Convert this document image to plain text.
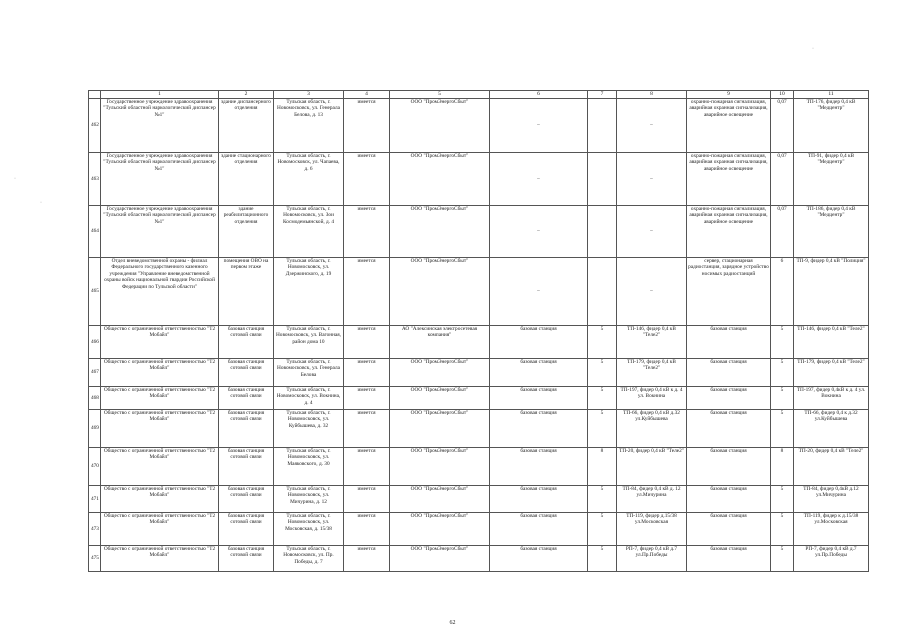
·
·
·
	1	2	3	4	5	6	7	8	9	10	11
462	Государственное учреждение здравоохранения "Тульский областной наркологический диспансер №1"	здание диспансерного отделения	Тульская область, г. Новомосковск, ул. Генерала Белова, д. 13	имеется	ООО "ПромЭнергоСбыт"	–		–	охранно-пожарная сигнализация, аварийная охранная сигнализация, аварийное освещение	0,07	ТП-176, фидер 0,4 кВ "Медцентр"
463	Государственное учреждение здравоохранения "Тульский областной наркологический диспансер №1"	здание стационарного отделения	Тульская область, г. Новомосковск, ул. Чапаева, д. 6	имеется	ООО "ПромЭнергоСбыт"	–		–	охранно-пожарная сигнализация, аварийная охранная сигнализация, аварийное освещение	0,07	ТП-91, фидер 0,4 кВ "Медцентр"
464	Государственное учреждение здравоохранения "Тульский областной наркологический диспансер №1"	здание реабилитационного отделения	Тульская область, г. Новомосковск, ул. Зои Космодемьянской, д. 4	имеется	ООО "ПромЭнергоСбыт"	–		–	охранно-пожарная сигнализация, аварийная охранная сигнализация, аварийное освещение	0,07	ТП-186, фидер 0,4 кВ "Медцентр"
465	Отдел вневедомственной охраны - филиал Федерального государственного казенного учреждения "Управление вневедомственной охраны войск национальной гвардии Российской Федерации по Тульской области"	помещения ОВО на первом этаже	Тульская область, г. Новомосковск, ул. Дзержинского, д. 19	имеется	ООО "ПромЭнергоСбыт"	–		–	сервер, стационарная радиостанция, зарядное устройство носимых радиостанций	6	ТП-9, фидер 0,4 кВ "Полиция"
466	Общество с ограниченной ответственностью "Т2 Мобайл"	базовая станция сотовой связи	Тульская область, г. Новомосковск, ул. Вагонная, район дома 10	имеется	АО "Алексинская электросетевая компания"	базовая станция	5	ТП-146, фидер 0,4 кВ "Теле2"	базовая станция	5	ТП-146, фидер 0,4 кВ "Теле2"
467	Общество с ограниченной ответственностью "Т2 Мобайл"	базовая станция сотовой связи	Тульская область, г. Новомосковск, ул. Генерала Белова	имеется	ООО "ПромЭнергоСбыт"	базовая станция	5	ТП-179, фидер 0,4 кВ "Теле2"	базовая станция	5	ТП-179, фидер 0,4 кВ "Теле2"
468	Общество с ограниченной ответственностью "Т2 Мобайл"	базовая станция сотовой связи	Тульская область, г. Новомосковск, ул. Вокнина, д. 4	имеется	ООО "ПромЭнергоСбыт"	базовая станция	5	ТП-197, фидер 0,4 кВ к д. 4 ул. Вокнина	базовая станция	5	ТП-197, фидер 0,4кВ к д. 4 ул. Вокнина
469	Общество с ограниченной ответственностью "Т2 Мобайл"	базовая станция сотовой связи	Тульская область, г. Новомосковск, ул. Куйбышева, д. 32	имеется	ООО "ПромЭнергоСбыт"	базовая станция	5	ТП-66, фидер 0,4 кВ д.32 ул.Куйбышева	базовая станция	5	ТП-66, фидер 0,4 к д.32 ул.Куйбышева
470	Общество с ограниченной ответственностью "Т2 Мобайл"	базовая станция сотовой связи	Тульская область, г. Новомосковск, ул. Маяковского, д. 30	имеется	ООО "ПромЭнергоСбыт"	базовая станция	8	ТП-20, фидер 0,4 кВ "Теле2"	базовая станция	8	ТП-20, фидер 0,4 кВ "Теле2"
471	Общество с ограниченной ответственностью "Т2 Мобайл"	базовая станция сотовой связи	Тульская область, г. Новомосковск, ул. Мичурина, д. 12	имеется	ООО "ПромЭнергоСбыт"	базовая станция	5	ТП-84, фидер 0,4 кВ д. 12 ул.Мичурина	базовая станция	5	ТП-84, фидер 0,4кВ д.12 ул.Мичурина
473	Общество с ограниченной ответственностью "Т2 Мобайл"	базовая станция сотовой связи	Тульская область, г. Новомосковск, ул. Московская, д. 15/38	имеется	ООО "ПромЭнергоСбыт"	базовая станция	5	ТП-119, фидер д.15/38 ул.Московская	базовая станция	5	ТП-119, фидер к д.15/38 ул.Московская
475	Общество с ограниченной ответственностью "Т2 Мобайл"	базовая станция сотовой связи	Тульская область, г. Новомосковск, ул. Пр. Победы, д. 7	имеется	ООО "ПромЭнергоСбыт"	базовая станция	5	РП-7, фидер 0,4 кВ д.7 ул.Пр.Победы	базовая станция	5	РП-7, фидер 0,4 кВ д.7 ул.Пр.Победы
62
